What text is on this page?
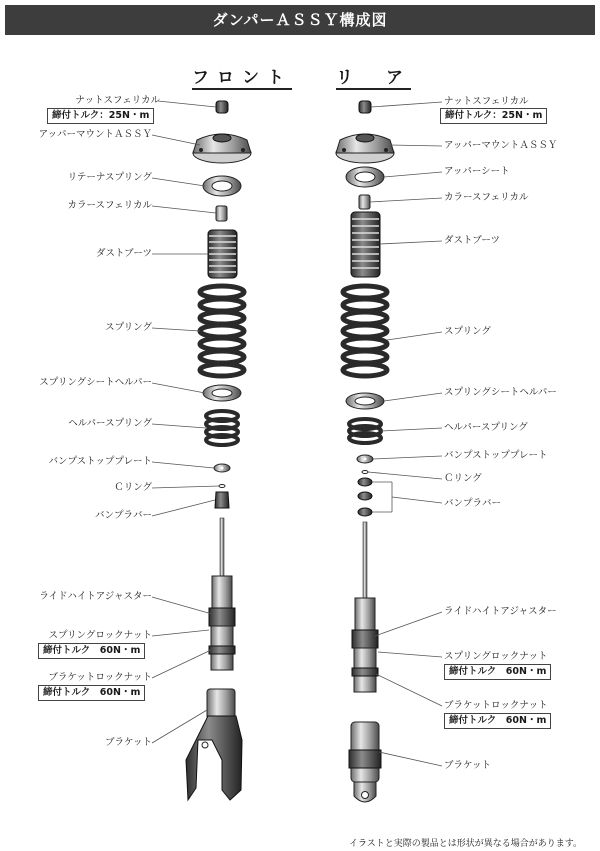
ダンパーＡＳＳＹ構成図
フロント	リ　ア
ナットスフェリカル
締付トルク：25N・m
アッパーマウントＡＳＳＹ
リテーナスプリング
カラースフェリカル
ダストブーツ
スプリング
スプリングシートヘルパー
ヘルパースプリング
バンプストッププレート
Ｃリング
バンプラバー
ライドハイトアジャスター
スプリングロックナット
締付トルク　60N・m
ブラケットロックナット
締付トルク　60N・m
ブラケット
ナットスフェリカル
締付トルク：25N・m
アッパーマウントＡＳＳＹ
アッパーシート
カラースフェリカル
ダストブーツ
スプリング
スプリングシートヘルパー
ヘルパースプリング
バンプストッププレート
Ｃリング
バンプラバー
ライドハイトアジャスター
スプリングロックナット
締付トルク　60N・m
ブラケットロックナット
締付トルク　60N・m
ブラケット
イラストと実際の製品とは形状が異なる場合があります。
